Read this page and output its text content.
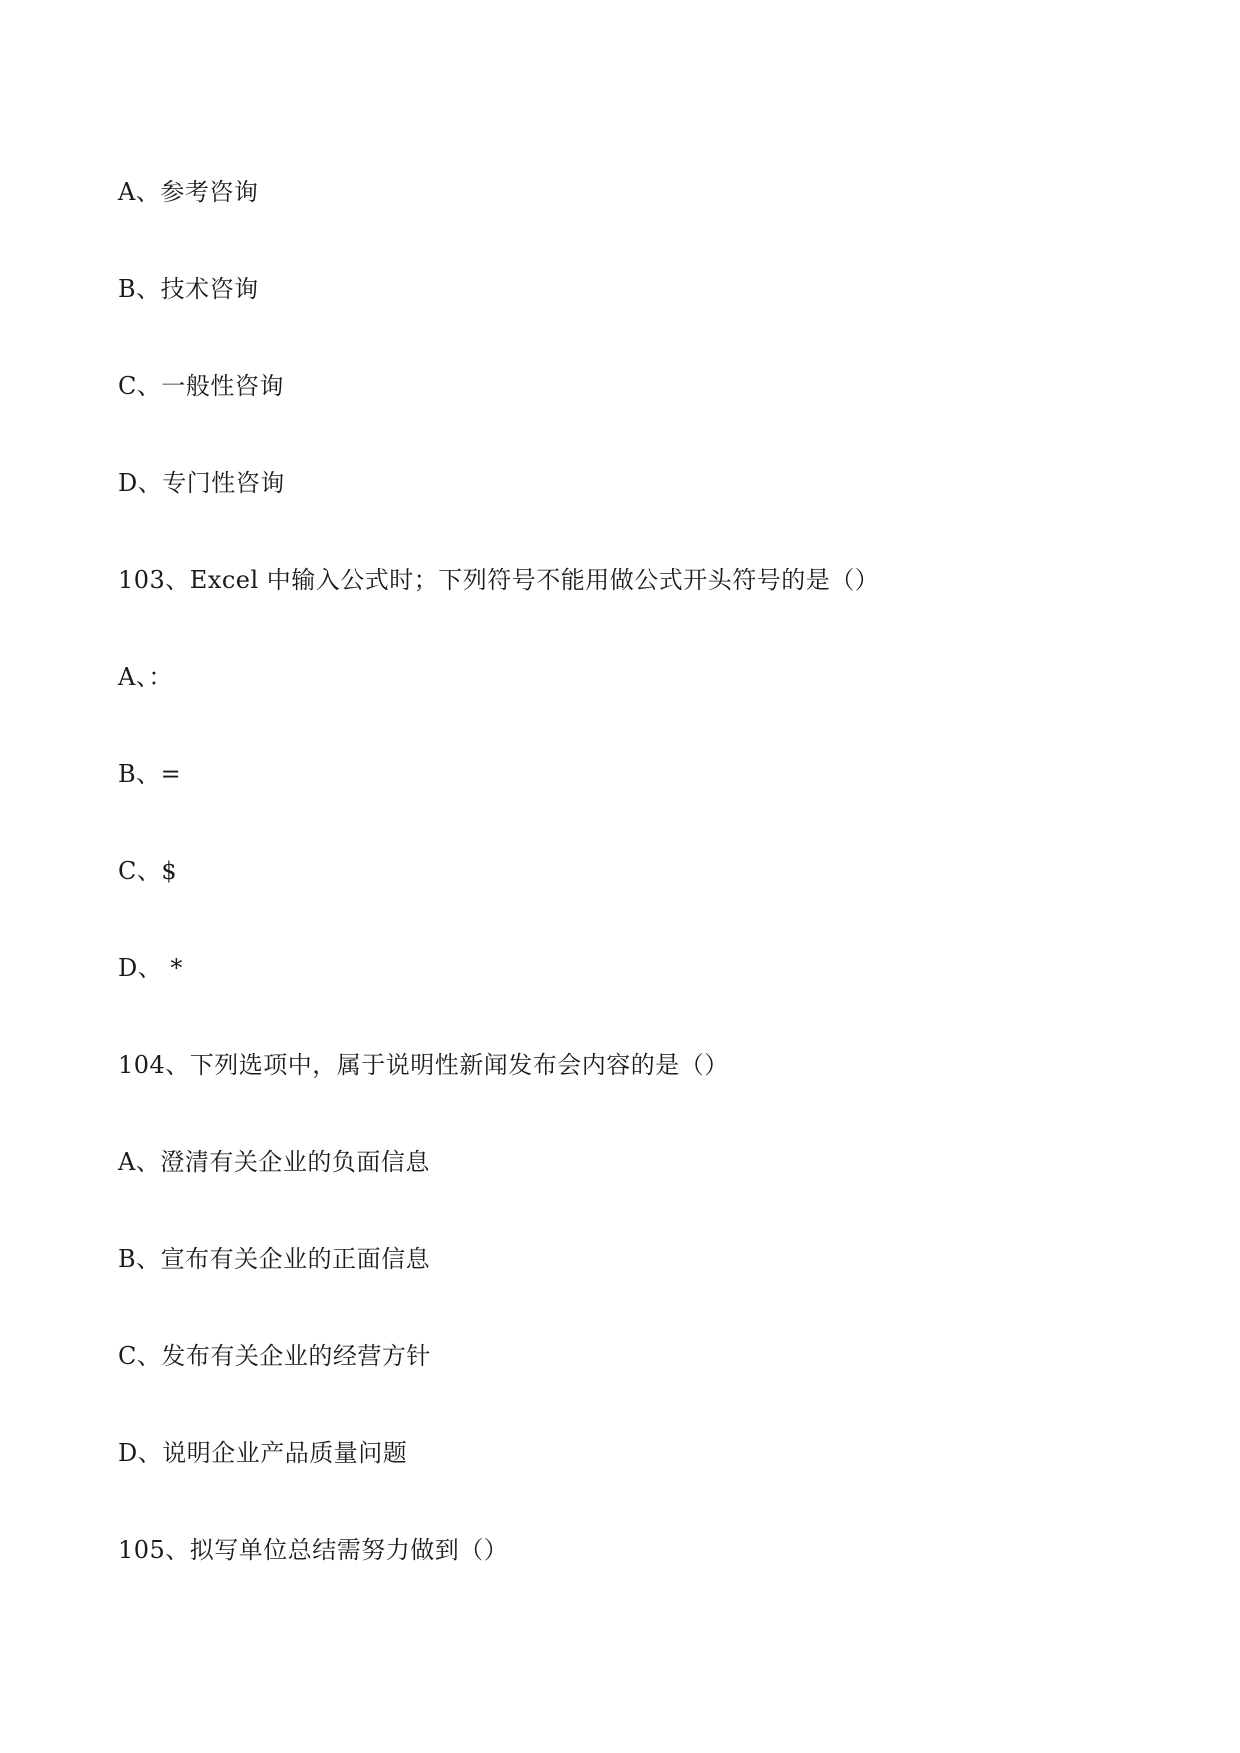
A、参考咨询
B、技术咨询
C、一般性咨询
D、专门性咨询
103、Excel 中输入公式时；下列符号不能用做公式开头符号的是（）
A、：
B、=
C、$
D、 *
104、下列选项中，属于说明性新闻发布会内容的是（）
A、澄清有关企业的负面信息
B、宣布有关企业的正面信息
C、发布有关企业的经营方针
D、说明企业产品质量问题
105、拟写单位总结需努力做到（）
